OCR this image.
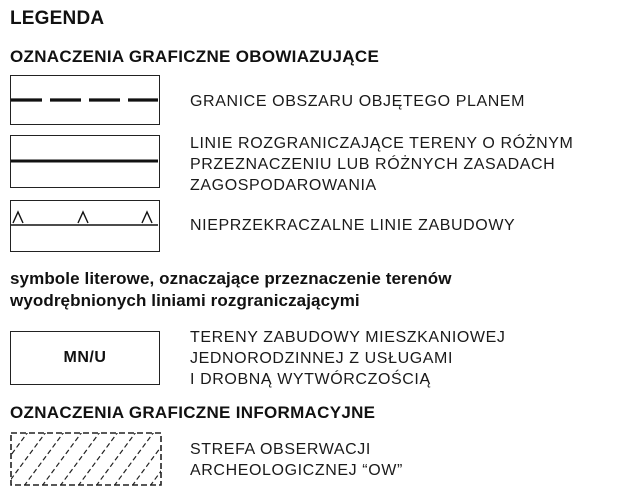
LEGENDA
OZNACZENIA GRAFICZNE OBOWIAZUJĄCE
GRANICE OBSZARU OBJĘTEGO PLANEM
LINIE ROZGRANICZAJĄCE TERENY O RÓŻNYM
PRZEZNACZENIU LUB RÓŻNYCH ZASADACH
ZAGOSPODAROWANIA
NIEPRZEKRACZALNE LINIE ZABUDOWY
symbole literowe, oznaczające przeznaczenie terenów
wyodrębnionych liniami rozgraniczającymi
MN/U
TERENY ZABUDOWY MIESZKANIOWEJ
JEDNORODZINNEJ Z USŁUGAMI
I DROBNĄ WYTWÓRCZOŚCIĄ
OZNACZENIA GRAFICZNE INFORMACYJNE
STREFA OBSERWACJI
ARCHEOLOGICZNEJ “OW”
